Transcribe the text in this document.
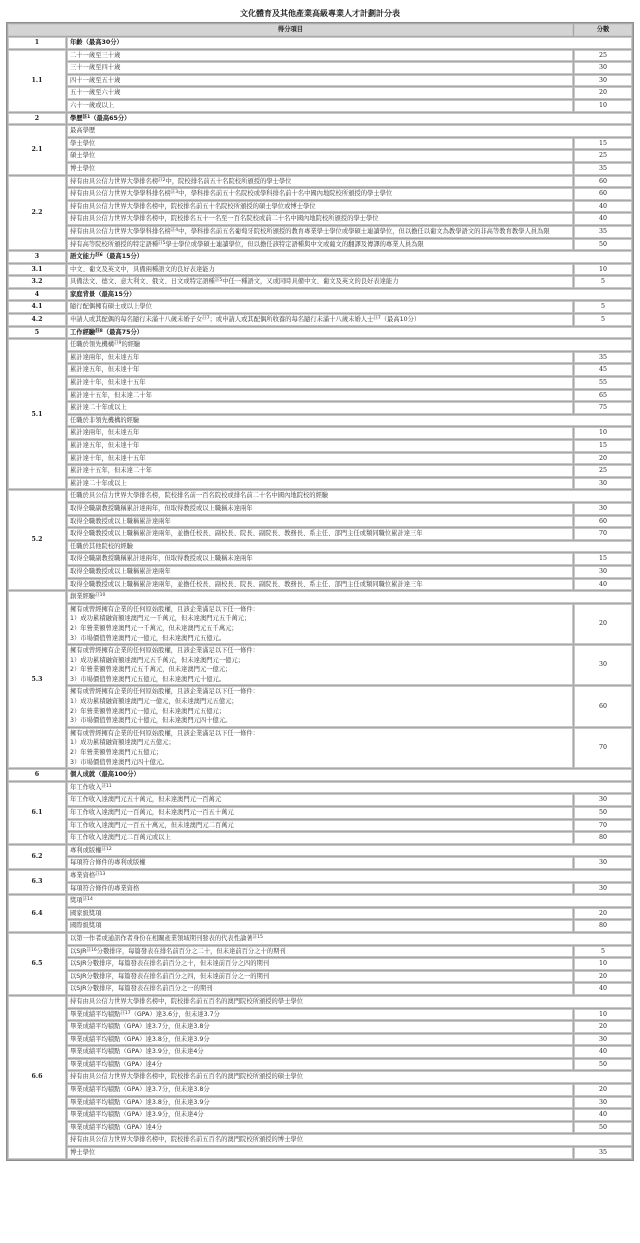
文化體育及其他產業高級專業人才計劃計分表
得分項目		分數
1	年齡（最高30分）	
1.1	二十一歲至三十歲	25
	三十一歲至四十歲	30
	四十一歲至五十歲	30
	五十一歲至六十歲	20
	六十一歲或以上	10
2	學歷$^{註1}$（最高65分）	
2.1	最高學歷	
	學士學位	15
	碩士學位	25
	博士學位	35
2.2	持有由具公信力世界大學排名榜$^{註2}$中，院校排名前五十名院校所頒授的學士學位	60
	持有由具公信力世界大學學科排名榜$^{註3}$中，學科排名前五十名院校或學科排名前十名中國內地院校所頒授的學士學位	60
	持有由具公信力世界大學排名榜中，院校排名前五十名院校所頒授的碩士學位或博士學位	40
	持有由具公信力世界大學排名榜中，院校排名五十一名至一百名院校或前二十名中國內地院校所頒授的學士學位	40
	持有由具公信力世界大學學科排名榜$^{註4}$中，學科排名前五名葡萄牙院校所頒授的教育專業學士學位或學碩士連讀學位，但以擔任以葡文為教學語文的非高等教育教學人員為限	35
	持有高等院校所頒授的特定語種$^{註5}$學士學位或學碩士連讀學位，但以擔任該特定語種與中文或葡文的翻譯及傳譯的專業人員為限	50
3	語文能力$^{註6}$（最高15分）	
3.1	中文、葡文及英文中，具備兩種語文的良好表達能力	10
3.2	具備法文、德文、意大利文、俄文、日文或特定語種$^{註5}$中任一種語文，又或同時具備中文、葡文及英文的良好表達能力	5
4	家庭背景（最高15分）	
4.1	隨行配偶擁有碩士或以上學位	5
4.2	申請人或其配偶的每名隨行未滿十八歲未婚子女$^{註7}$；或申請人或其配偶所收養的每名隨行未滿十八歲未婚人士$^{註7}$（最高10分）	5
5	工作經驗$^{註8}$（最高75分）	
5.1	任職於領先機構$^{註9}$的經驗	
	累計達兩年，但未達五年	35
	累計達五年，但未達十年	45
	累計達十年，但未達十五年	55
	累計達十五年，但未達二十年	65
	累計達二十年或以上	75
	任職於非領先機構的經驗	
	累計達兩年，但未達五年	10
	累計達五年，但未達十年	15
	累計達十年，但未達十五年	20
	累計達十五年，但未達二十年	25
	累計達二十年或以上	30
5.2	任職於具公信力世界大學排名榜，院校排名前一百名院校或排名前二十名中國內地院校的經驗	
	取得全職副教授職稱累計達兩年，但取得教授或以上職稱未達兩年	30
	取得全職教授或以上職稱累計達兩年	60
	取得全職教授或以上職稱累計達兩年，並擔任校長、副校長、院長、副院長、教務長、系主任、部門主任或類同職位累計達三年	70
	任職於其他院校的經驗	
	取得全職副教授職稱累計達兩年，但取得教授或以上職稱未達兩年	15
	取得全職教授或以上職稱累計達兩年	30
	取得全職教授或以上職稱累計達兩年，並擔任校長、副校長、院長、副院長、教務長、系主任、部門主任或類同職位累計達三年	40
5.3	創業經驗$^{註10}$

	擁有或曾經擁有企業的任何原始股權，且該企業滿足以下任一條件：
1）成功累積融資額達澳門元一千萬元，但未達澳門元五千萬元；
2）年營業額曾達澳門元一千萬元，但未達澳門元五千萬元；
3）市場價值曾達澳門元一億元，但未達澳門元五億元。	20

	擁有或曾經擁有企業的任何原始股權，且該企業滿足以下任一條件：
1）成功累積融資額達澳門元五千萬元，但未達澳門元一億元；
2）年營業額曾達澳門元五千萬元，但未達澳門元一億元；
3）市場價值曾達澳門元五億元，但未達澳門元十億元。	30

	擁有或曾經擁有企業的任何原始股權，且該企業滿足以下任一條件：
1）成功累積融資額達澳門元一億元，但未達澳門元五億元；
2）年營業額曾達澳門元一億元，但未達澳門元五億元；
3）市場價值曾達澳門元十億元，但未達澳門元四十億元。	60

	擁有或曾經擁有企業的任何原始股權，且該企業滿足以下任一條件：
1）成功累積融資額達澳門元五億元；
2）年營業額曾達澳門元五億元；
3）市場價值曾達澳門元四十億元。	70
6	個人成就（最高100分）	
6.1	年工作收入$^{註11}$
	年工作收入達澳門元五十萬元，但未達澳門元一百萬元	30
	年工作收入達澳門元一百萬元，但未達澳門元一百五十萬元	50
	年工作收入達澳門元一百五十萬元，但未達澳門元二百萬元	70
	年工作收入達澳門元二百萬元或以上	80
6.2	專利或版權$^{註12}$
	每項符合條件的專利或版權	30
6.3	專業資格$^{註13}$
	每項符合條件的專業資格	30
6.4	獎項$^{註14}$
	國家級獎項	20
	國際級獎項	80
6.5	以第一作者或通訊作者身份在相關產業領域期刊發表的代表性論著$^{註15}$
	以SJR$^{註16}$分數排序，每篇發表在排名前百分之二十，但未達前百分之十的期刊	5
	以SJR分數排序，每篇發表在排名前百分之十，但未達前百分之四的期刊	10
	以SJR分數排序，每篇發表在排名前百分之四，但未達前百分之一的期刊	20
	以SJR分數排序，每篇發表在排名前百分之一的期刊	40
6.6	持有由具公信力世界大學排名榜中，院校排名前五百名的澳門院校所頒授的學士學位	
	畢業成績平均積點$^{註17}$（GPA）達3.6分，但未達3.7分	10
	畢業成績平均積點（GPA）達3.7分，但未達3.8分	20
	畢業成績平均積點（GPA）達3.8分，但未達3.9分	30
	畢業成績平均積點（GPA）達3.9分，但未達4分	40
	畢業成績平均積點（GPA）達4分	50
	持有由具公信力世界大學排名榜中，院校排名前五百名的澳門院校所頒授的碩士學位	
	畢業成績平均積點（GPA）達3.7分，但未達3.8分	20
	畢業成績平均積點（GPA）達3.8分，但未達3.9分	30
	畢業成績平均積點（GPA）達3.9分，但未達4分	40
	畢業成績平均積點（GPA）達4分	50
	持有由具公信力世界大學排名榜中，院校排名前五百名的澳門院校所頒授的博士學位	
	博士學位	35
